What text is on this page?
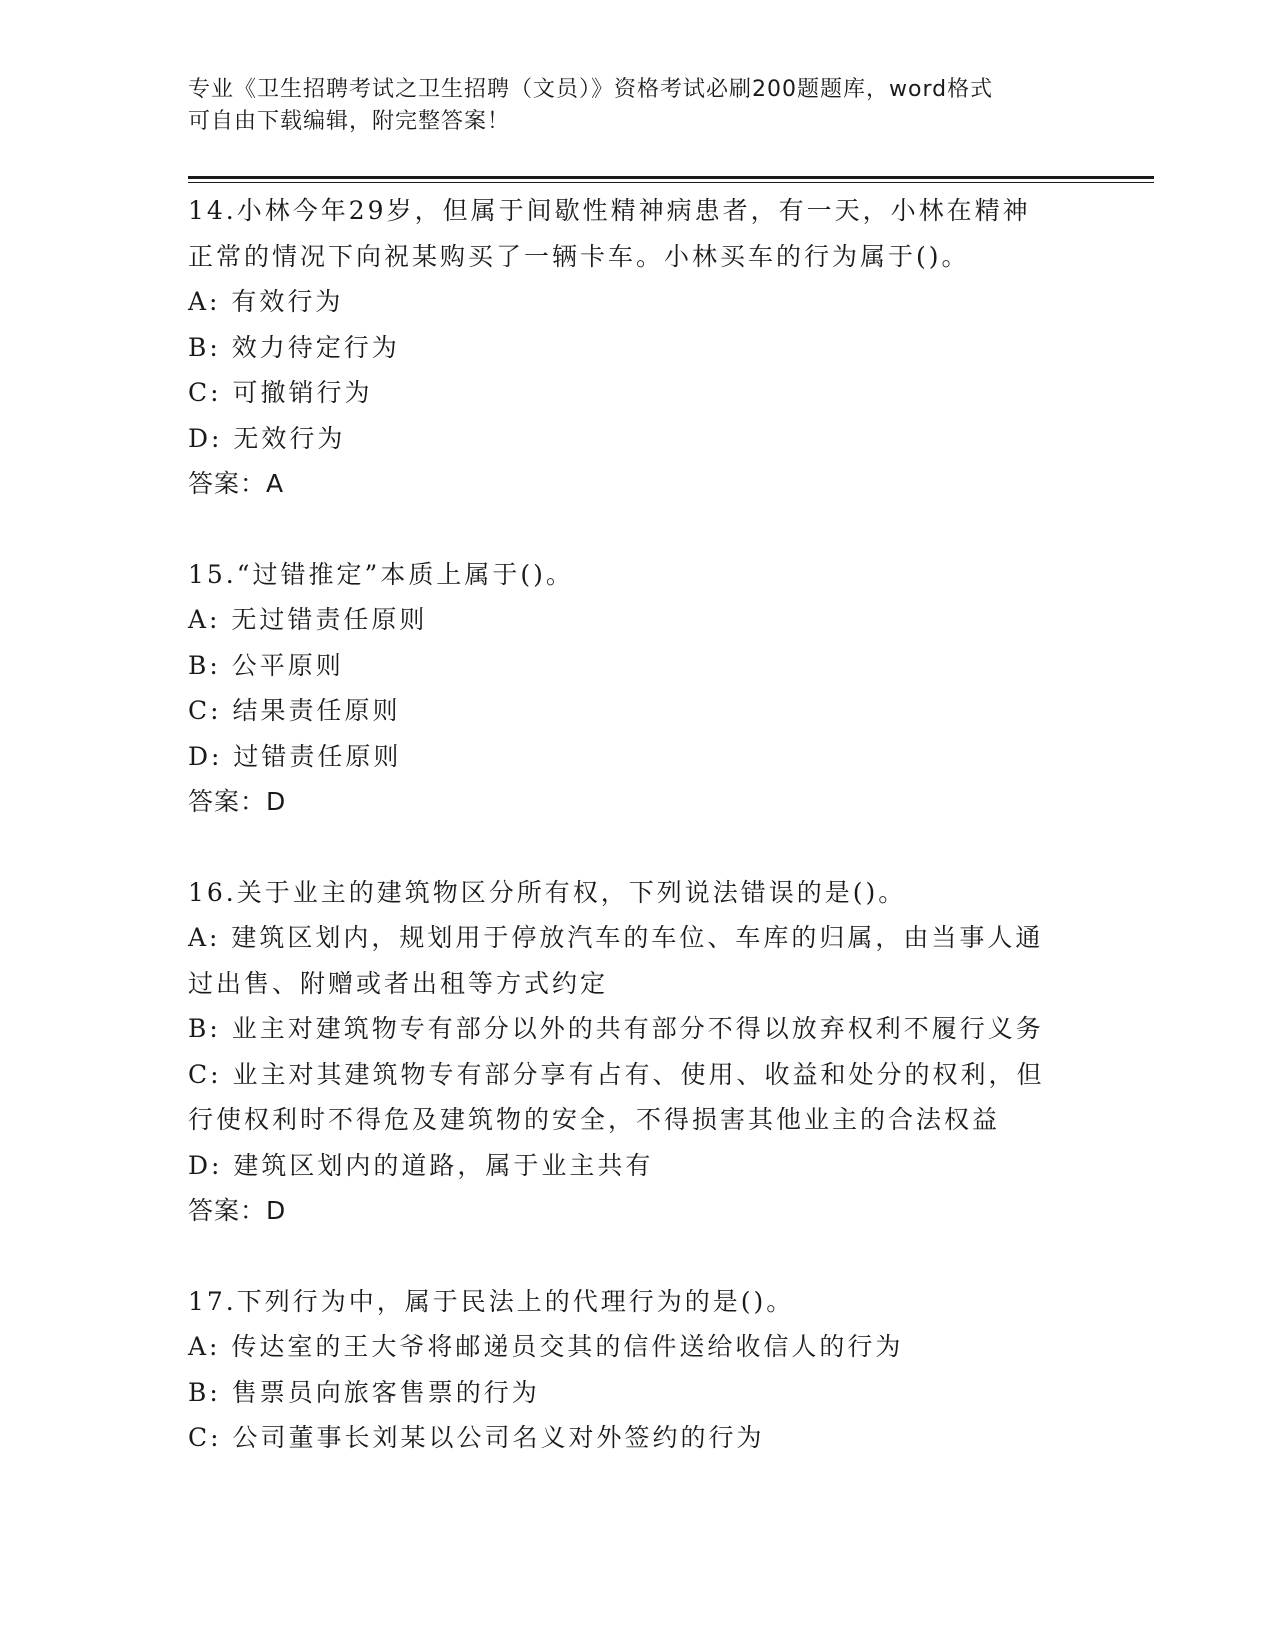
专业《卫生招聘考试之卫生招聘（文员）》资格考试必刷200题题库，word格式
可自由下载编辑，附完整答案！
14.小林今年29岁，但属于间歇性精神病患者，有一天，小林在精神
正常的情况下向祝某购买了一辆卡车。小林买车的行为属于()。
A: 有效行为
B: 效力待定行为
C: 可撤销行为
D: 无效行为
答案：A
15.“过错推定”本质上属于()。
A: 无过错责任原则
B: 公平原则
C: 结果责任原则
D: 过错责任原则
答案：D
16.关于业主的建筑物区分所有权，下列说法错误的是()。
A: 建筑区划内，规划用于停放汽车的车位、车库的归属，由当事人通
过出售、附赠或者出租等方式约定
B: 业主对建筑物专有部分以外的共有部分不得以放弃权利不履行义务
C: 业主对其建筑物专有部分享有占有、使用、收益和处分的权利，但
行使权利时不得危及建筑物的安全，不得损害其他业主的合法权益
D: 建筑区划内的道路，属于业主共有
答案：D
17.下列行为中，属于民法上的代理行为的是()。
A: 传达室的王大爷将邮递员交其的信件送给收信人的行为
B: 售票员向旅客售票的行为
C: 公司董事长刘某以公司名义对外签约的行为
